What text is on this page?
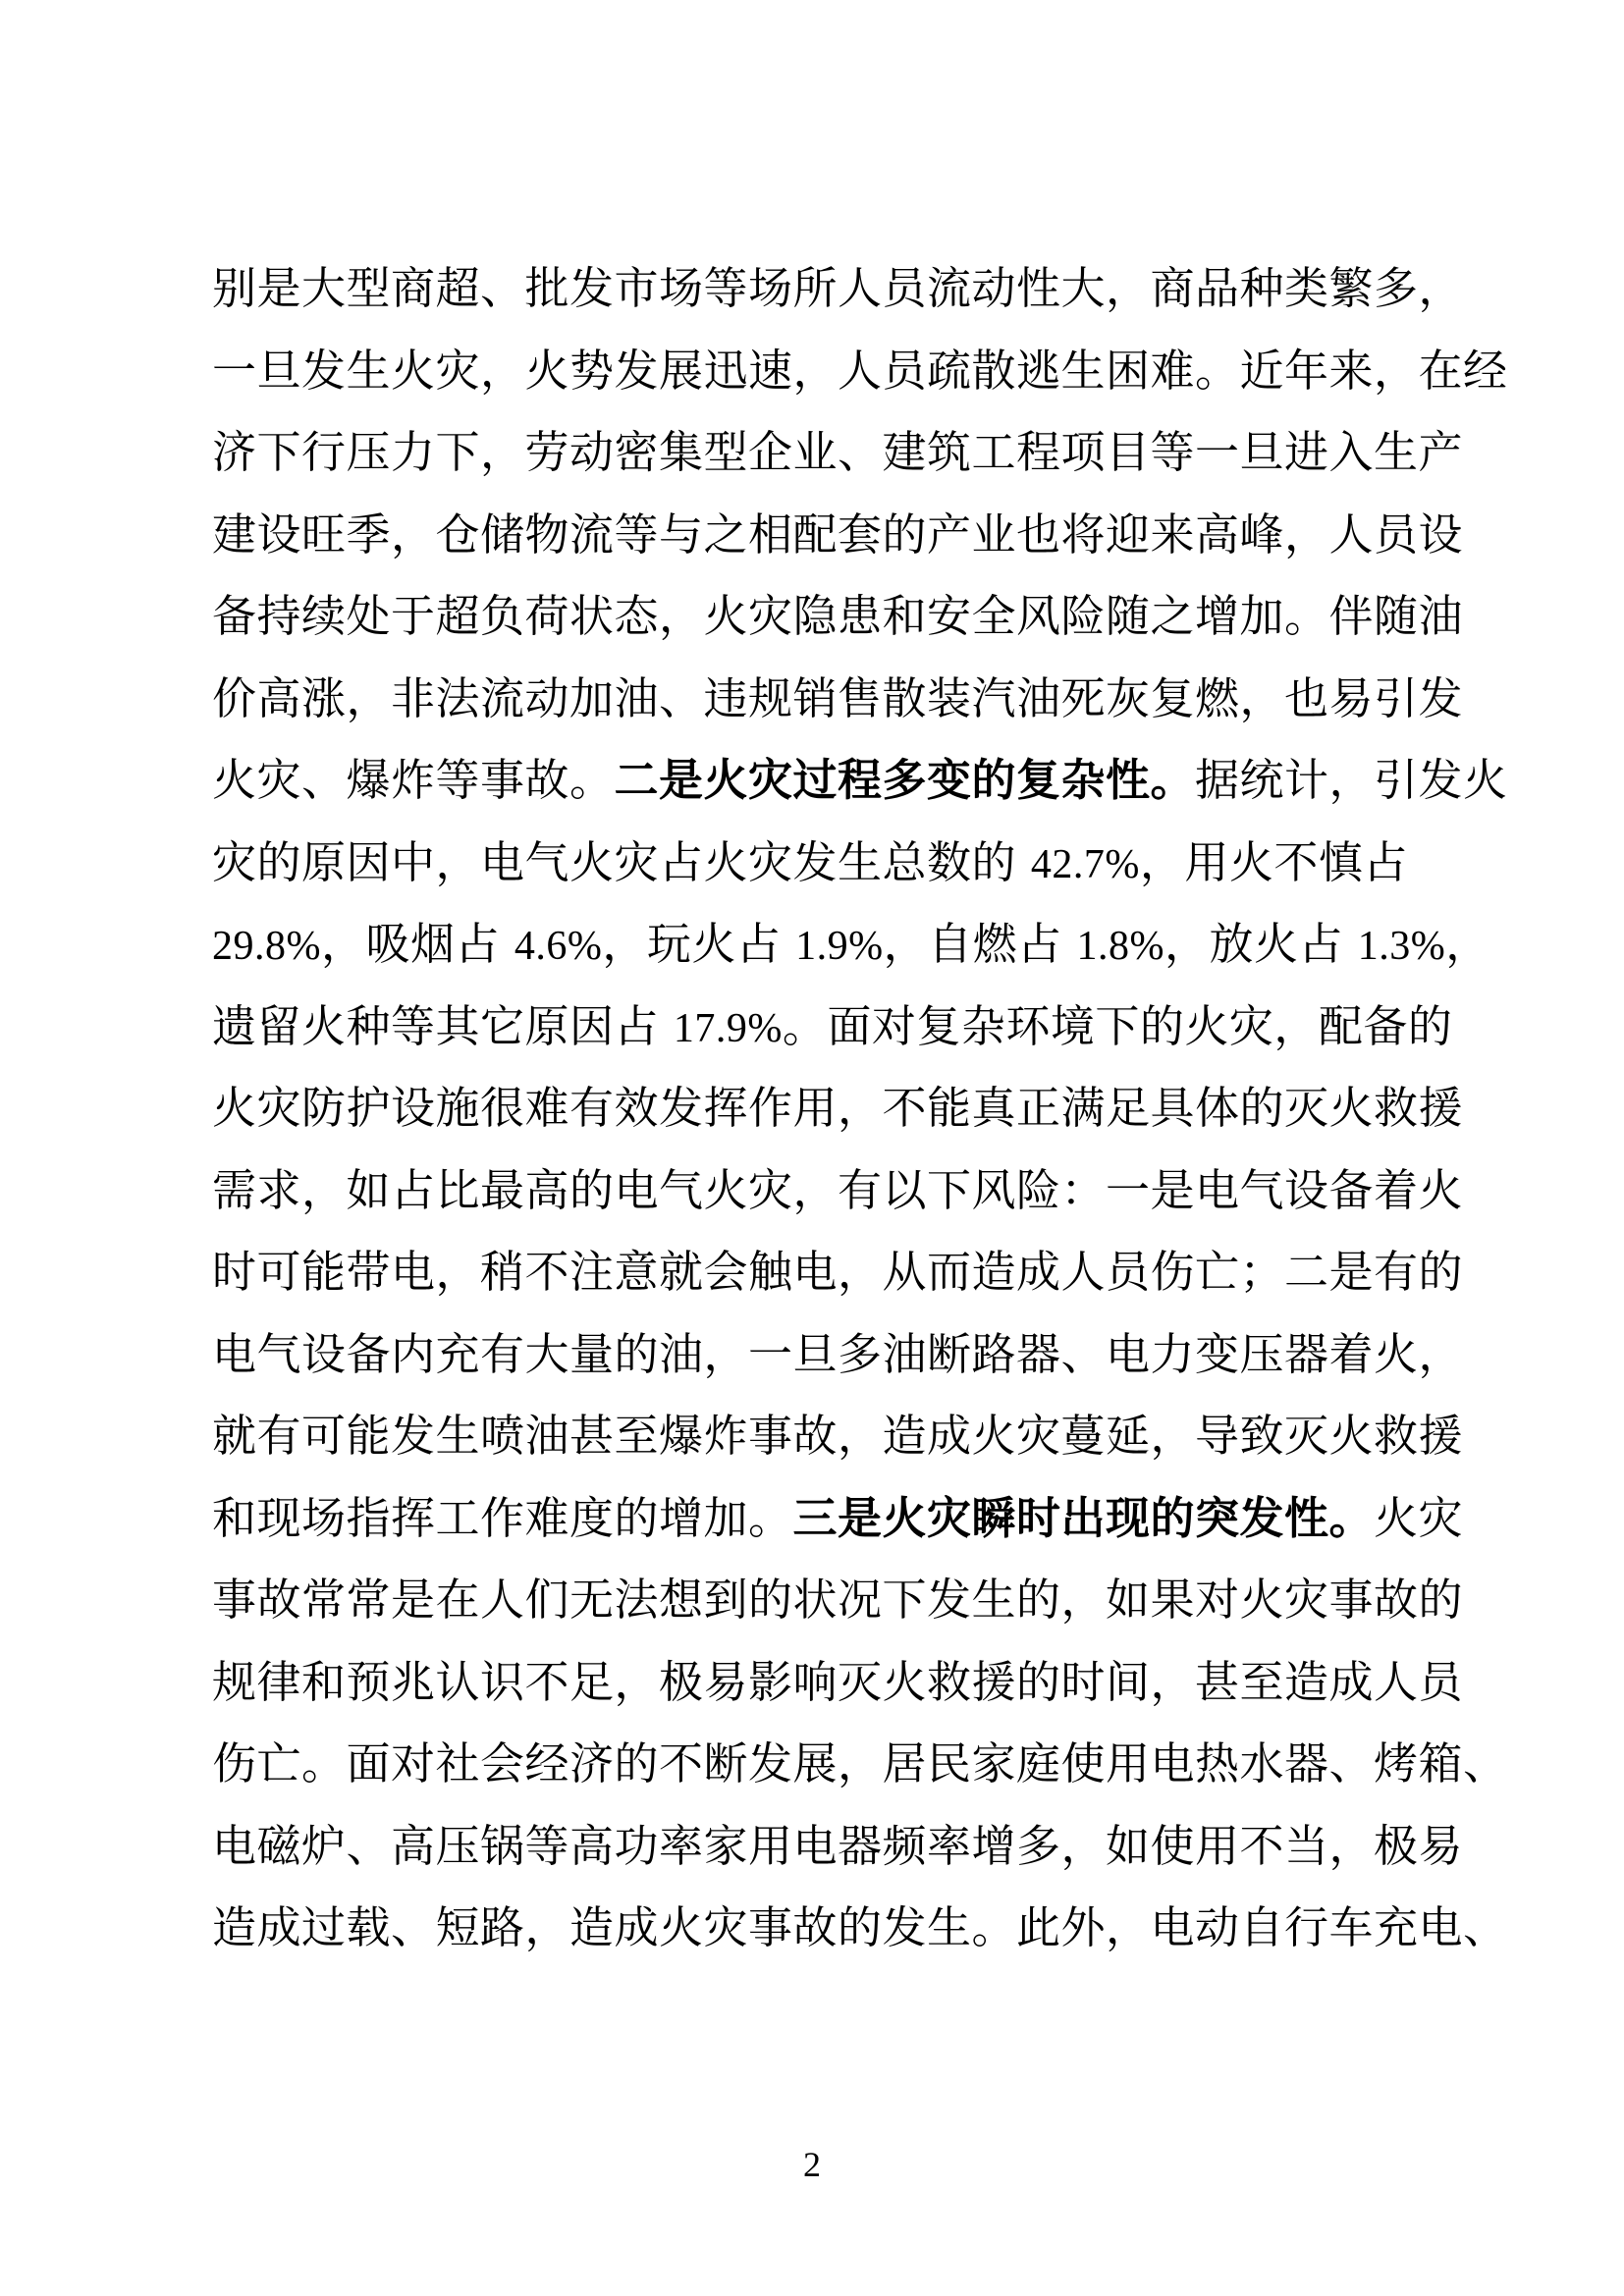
别是大型商超、批发市场等场所人员流动性大，商品种类繁多，
一旦发生火灾，火势发展迅速，人员疏散逃生困难。近年来，在经
济下行压力下，劳动密集型企业、建筑工程项目等一旦进入生产
建设旺季，仓储物流等与之相配套的产业也将迎来高峰，人员设
备持续处于超负荷状态，火灾隐患和安全风险随之增加。伴随油
价高涨，非法流动加油、违规销售散装汽油死灰复燃，也易引发
火灾、爆炸等事故。二是火灾过程多变的复杂性。据统计，引发火
灾的原因中，电气火灾占火灾发生总数的 42.7%，用火不慎占
29.8%，吸烟占 4.6%，玩火占 1.9%，自燃占 1.8%，放火占 1.3%，
遗留火种等其它原因占 17.9%。面对复杂环境下的火灾，配备的
火灾防护设施很难有效发挥作用，不能真正满足具体的灭火救援
需求，如占比最高的电气火灾，有以下风险：一是电气设备着火
时可能带电，稍不注意就会触电，从而造成人员伤亡；二是有的
电气设备内充有大量的油，一旦多油断路器、电力变压器着火，
就有可能发生喷油甚至爆炸事故，造成火灾蔓延，导致灭火救援
和现场指挥工作难度的增加。三是火灾瞬时出现的突发性。火灾
事故常常是在人们无法想到的状况下发生的，如果对火灾事故的
规律和预兆认识不足，极易影响灭火救援的时间，甚至造成人员
伤亡。面对社会经济的不断发展，居民家庭使用电热水器、烤箱、
电磁炉、高压锅等高功率家用电器频率增多，如使用不当，极易
造成过载、短路，造成火灾事故的发生。此外，电动自行车充电、
2
